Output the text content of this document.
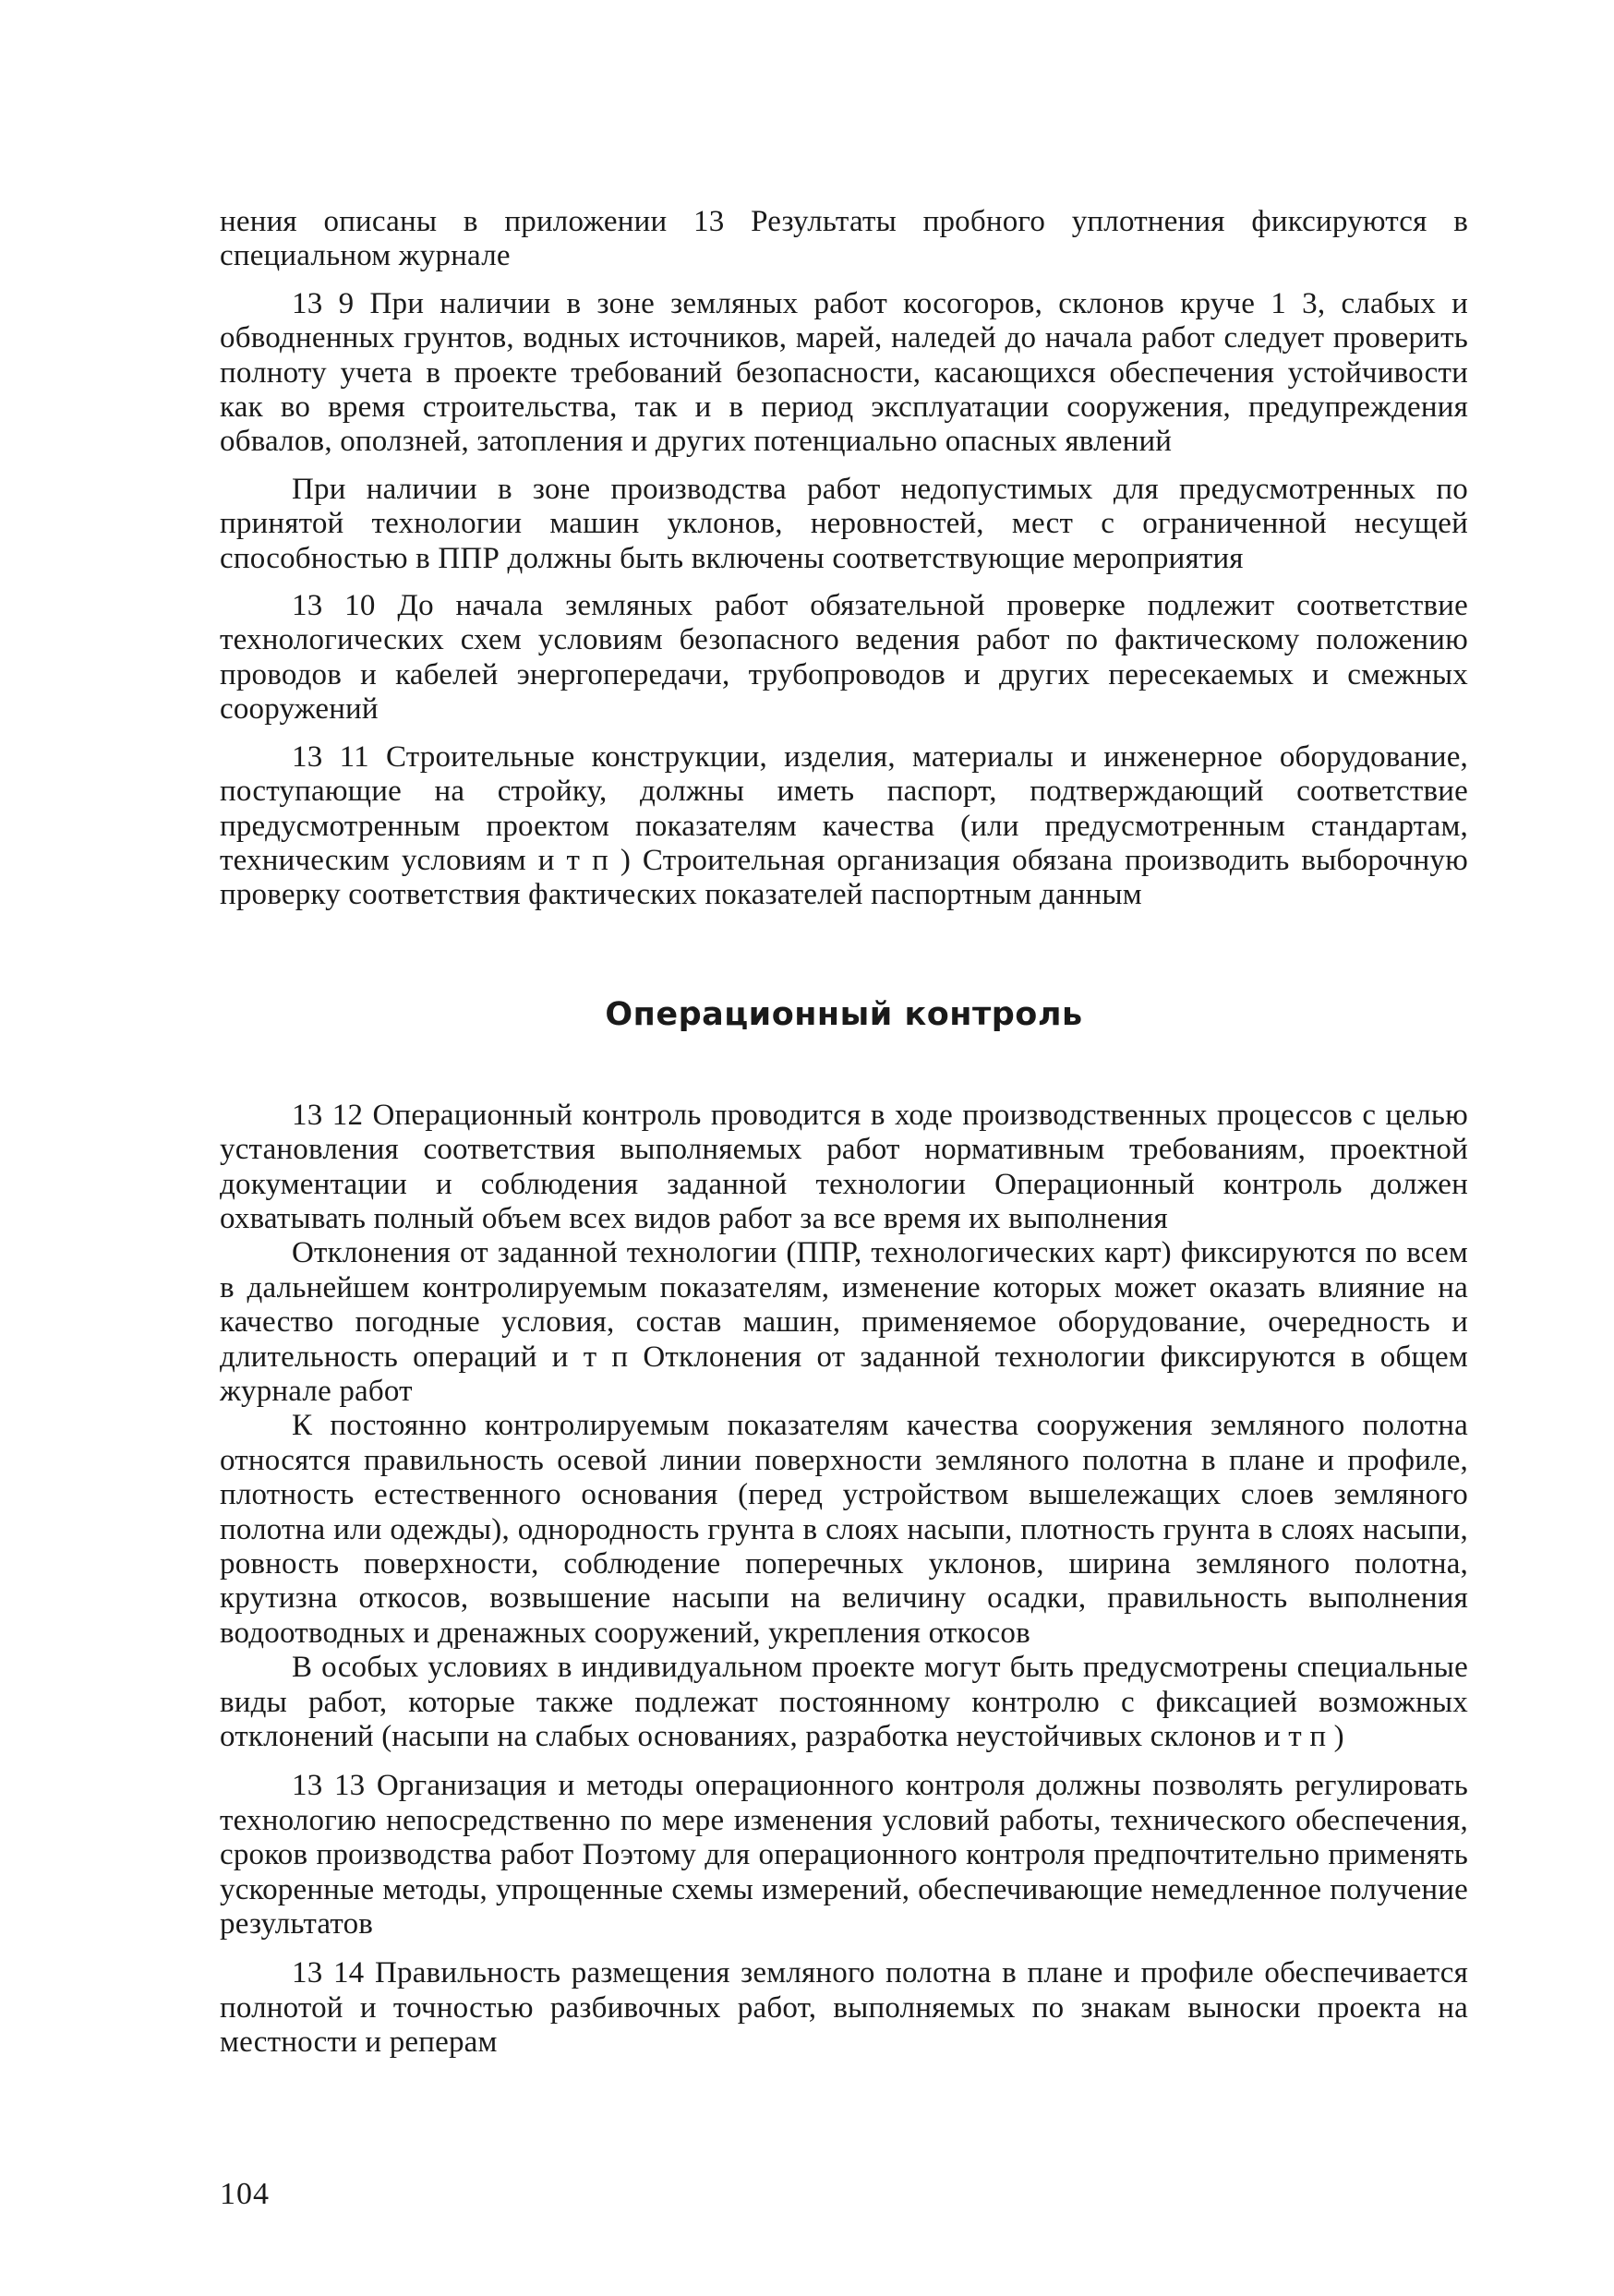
нения описаны в приложении 13 Результаты пробного уплотнения фиксируются в специальном журнале

13 9 При наличии в зоне земляных работ косогоров, склонов круче 1 3, слабых и обводненных грунтов, водных источников, марей, наледей до начала работ следует проверить полноту учета в проекте требований безопасности, касающихся обеспечения устойчивости как во время строительства, так и в период эксплуатации сооружения, предупреждения обвалов, оползней, затопления и других потенциально опасных явлений

При наличии в зоне производства работ недопустимых для предусмотренных по принятой технологии машин уклонов, неровностей, мест с ограниченной несущей способностью в ППР должны быть включены соответствующие мероприятия

13 10 До начала земляных работ обязательной проверке подлежит соответствие технологических схем условиям безопасного ведения работ по фактическому положению проводов и кабелей энергопередачи, трубопроводов и других пересекаемых и смежных сооружений

13 11 Строительные конструкции, изделия, материалы и инженерное оборудование, поступающие на стройку, должны иметь паспорт, подтверждающий соответствие предусмотренным проектом показателям качества (или предусмотренным стандартам, техническим условиям и т п ) Строительная организация обязана производить выборочную проверку соответствия фактических показателей паспортным данным

Операционный контроль

13 12 Операционный контроль проводится в ходе производственных процессов с целью установления соответствия выполняемых работ нормативным требованиям, проектной документации и соблюдения заданной технологии Операционный контроль должен охватывать полный объем всех видов работ за все время их выполнения

Отклонения от заданной технологии (ППР, технологических карт) фиксируются по всем в дальнейшем контролируемым показателям, изменение которых может оказать влияние на качество погодные условия, состав машин, применяемое оборудование, очередность и длительность операций и т п Отклонения от заданной технологии фиксируются в общем журнале работ

К постоянно контролируемым показателям качества сооружения земляного полотна относятся правильность осевой линии поверхности земляного полотна в плане и профиле, плотность естественного основания (перед устройством вышележащих слоев земляного полотна или одежды), однородность грунта в слоях насыпи, плотность грунта в слоях насыпи, ровность поверхности, соблюдение поперечных уклонов, ширина земляного полотна, крутизна откосов, возвышение насыпи на величину осадки, правильность выполнения водоотводных и дренажных сооружений, укрепления откосов

В особых условиях в индивидуальном проекте могут быть предусмотрены специальные виды работ, которые также подлежат постоянному контролю с фиксацией возможных отклонений (насыпи на слабых основаниях, разработка неустойчивых склонов и т п )

13 13 Организация и методы операционного контроля должны позволять регулировать технологию непосредственно по мере изменения условий работы, технического обеспечения, сроков производства работ Поэтому для операционного контроля предпочтительно применять ускоренные методы, упрощенные схемы измерений, обеспечивающие немедленное получение результатов

13 14 Правильность размещения земляного полотна в плане и профиле обеспечивается полнотой и точностью разбивочных работ, выполняемых по знакам выноски проекта на местности и реперам

104
